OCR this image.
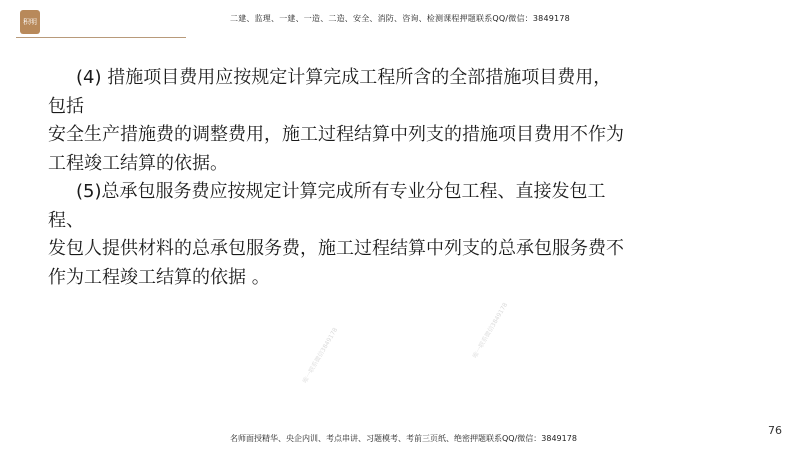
积明	二建、监理、一建、一造、二造、安全、消防、咨询、检测课程押题联系QQ/微信：3849178

(4) 措施项目费用应按规定计算完成工程所含的全部措施项目费用，包括
安全生产措施费的调整费用，施工过程结算中列支的措施项目费用不作为工程竣工结算的依据。

(5)总承包服务费应按规定计算完成所有专业分包工程、直接发包工程、
发包人提供材料的总承包服务费，施工过程结算中列支的总承包服务费不作为工程竣工结算的依据 。

唯一联系微信3849178	唯一联系微信3849178
76
名师面授精华、央企内训、考点串讲、习题模考、考前三页纸、绝密押题联系QQ/微信：3849178
